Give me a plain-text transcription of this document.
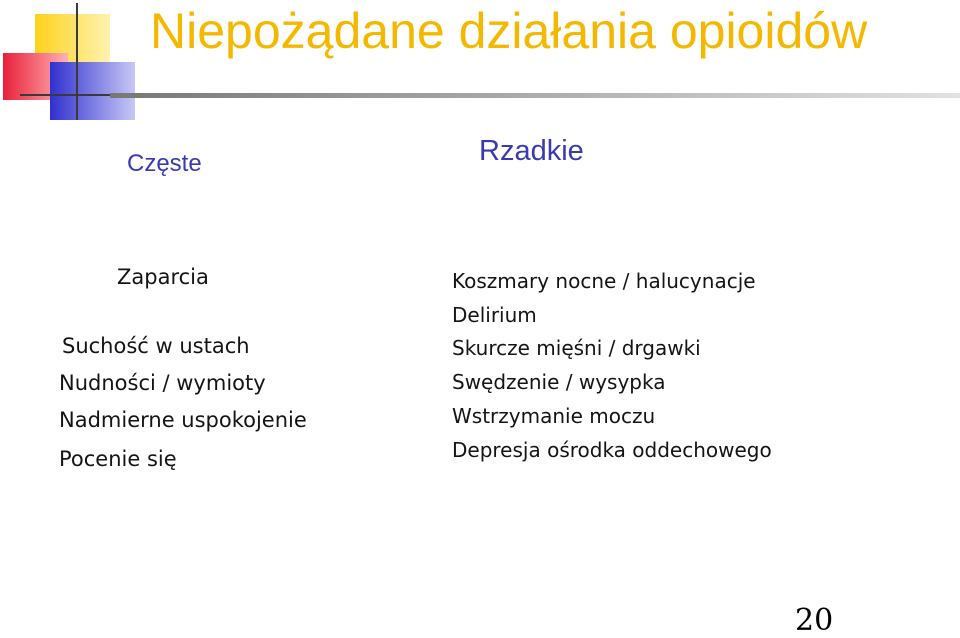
Niepożądane działania opioidów
Częste	Rzadkie
Zaparcia
Suchość w ustach
Nudności / wymioty
Nadmierne uspokojenie
Pocenie się
Koszmary nocne / halucynacje
Delirium
Skurcze mięśni / drgawki
Swędzenie / wysypka
Wstrzymanie moczu
Depresja ośrodka oddechowego
20
